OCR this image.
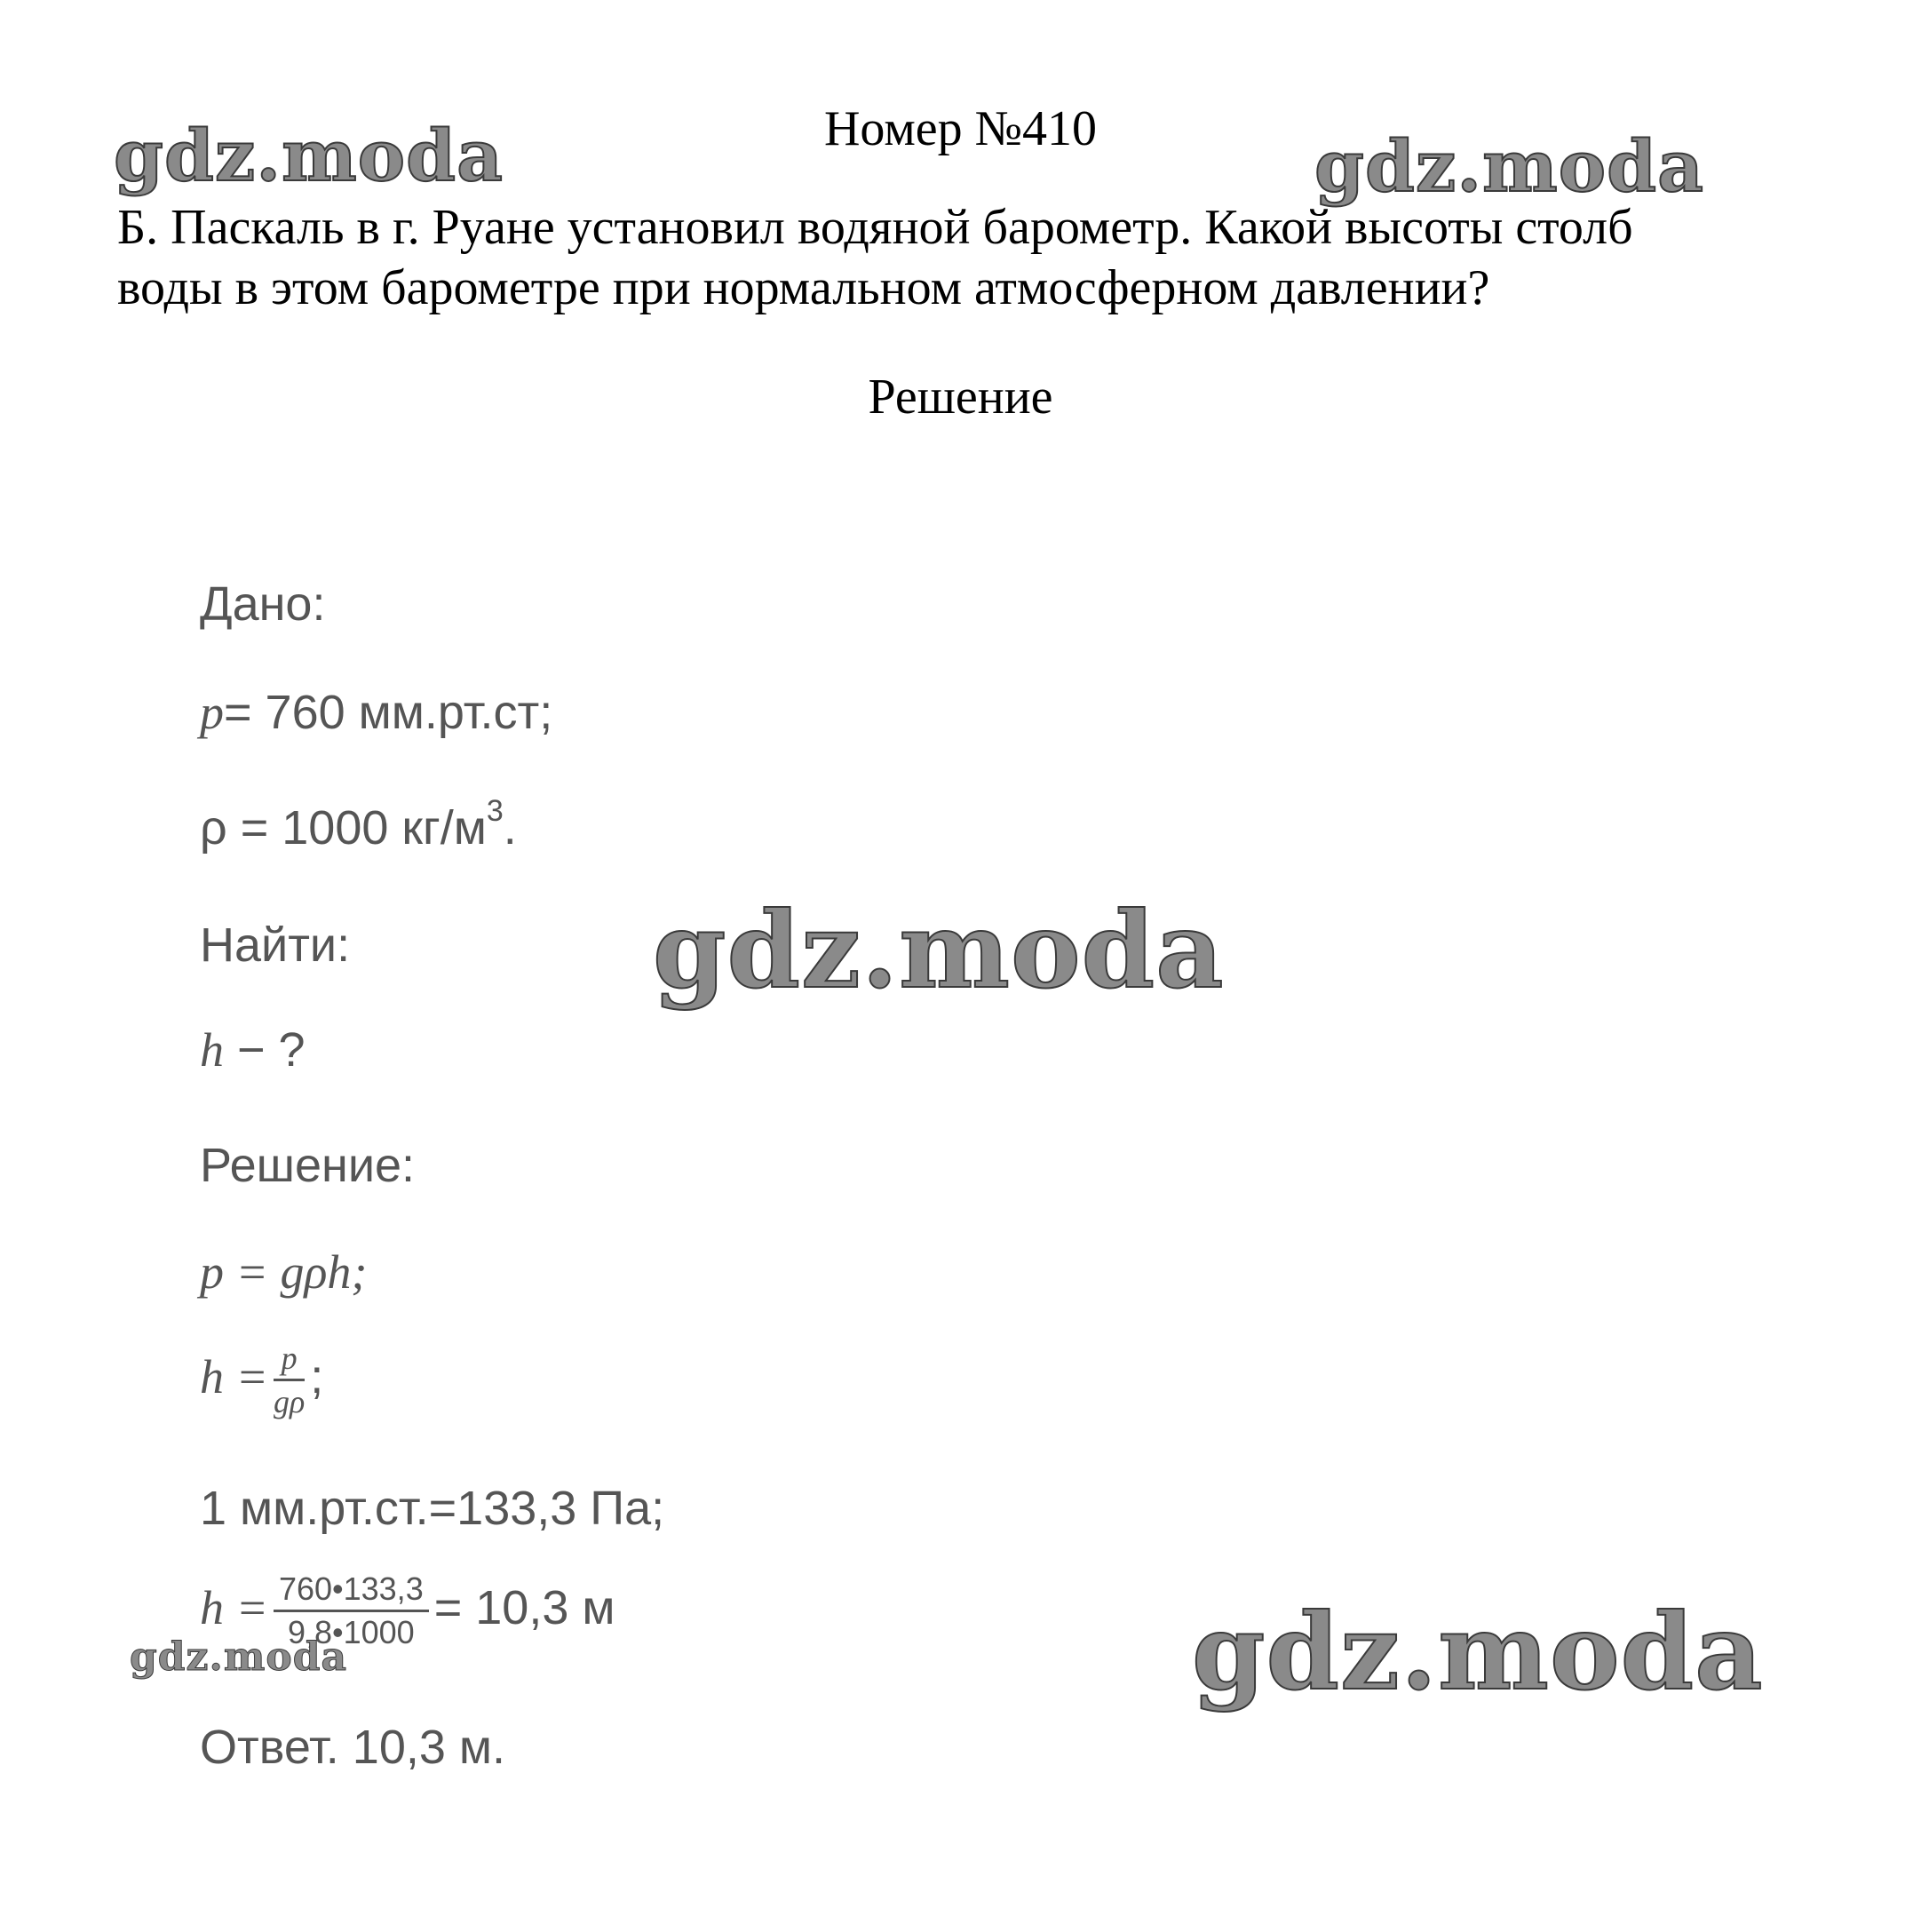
Номер №410
Б. Паскаль в г. Руане установил водяной барометр. Какой высоты столб
воды в этом барометре при нормальном атмосферном давлении?
Решение
Дано:
p= 760 мм.рт.ст;
ρ = 1000 $кг/м^3$.
Найти:
h − ?
Решение:
p = gρh;
$h = \frac{p}{g\rho}$ ;
1 мм.рт.ст.=133,3 Па;
$h = \frac{760•133,3}{9,8•1000} = 10,3$ м
Ответ. 10,3 м.
gdz.moda	gdz.moda
gdz.moda
gdz.moda	gdz.moda
